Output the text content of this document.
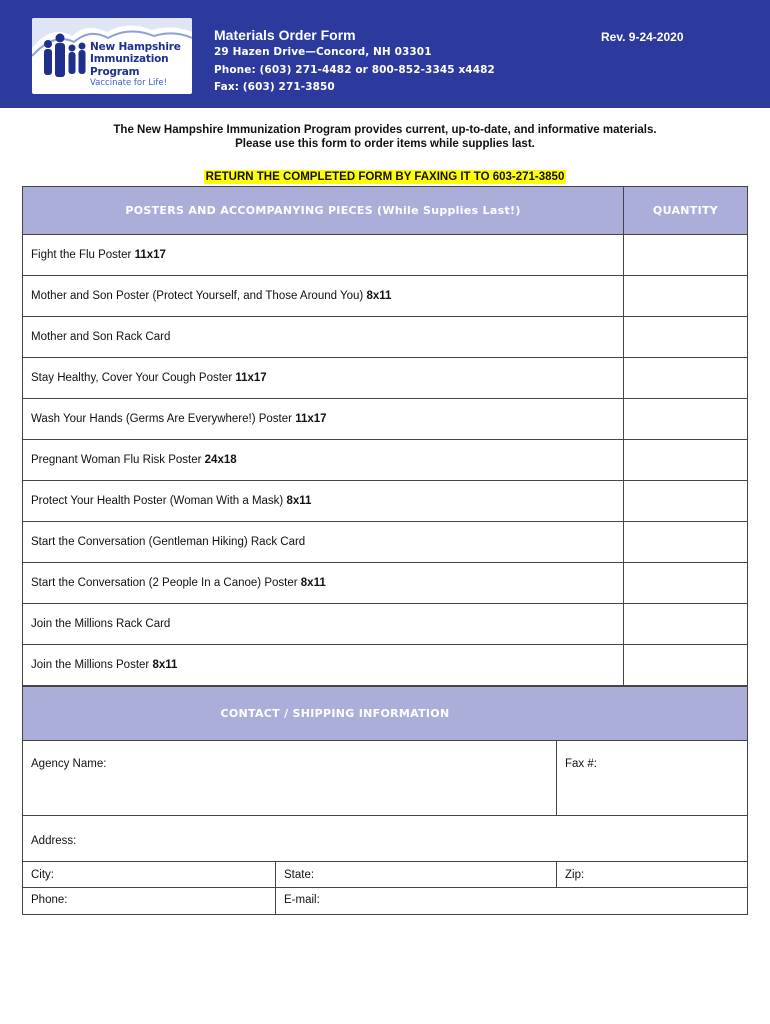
New Hampshire
Immunization
Program
Vaccinate for Life!
Materials Order Form	Rev. 9-24-2020
29 Hazen Drive—Concord, NH 03301
Phone: (603) 271-4482 or 800-852-3345 x4482
Fax: (603) 271-3850
The New Hampshire Immunization Program provides current, up-to-date, and informative materials.
Please use this form to order items while supplies last.
RETURN THE COMPLETED FORM BY FAXING IT TO 603-271-3850
POSTERS AND ACCOMPANYING PIECES (While Supplies Last!)	QUANTITY
Fight the Flu Poster 11x17	
Mother and Son Poster (Protect Yourself, and Those Around You) 8x11	
Mother and Son Rack Card	
Stay Healthy, Cover Your Cough Poster 11x17	
Wash Your Hands (Germs Are Everywhere!) Poster 11x17	
Pregnant Woman Flu Risk Poster 24x18	
Protect Your Health Poster (Woman With a Mask) 8x11	
Start the Conversation (Gentleman Hiking) Rack Card	
Start the Conversation (2 People In a Canoe) Poster 8x11	
Join the Millions Rack Card	
Join the Millions Poster 8x11	
CONTACT / SHIPPING INFORMATION		
Agency Name:		Fax #:
Address:		
City:	State:	Zip:
Phone:	E-mail:	
